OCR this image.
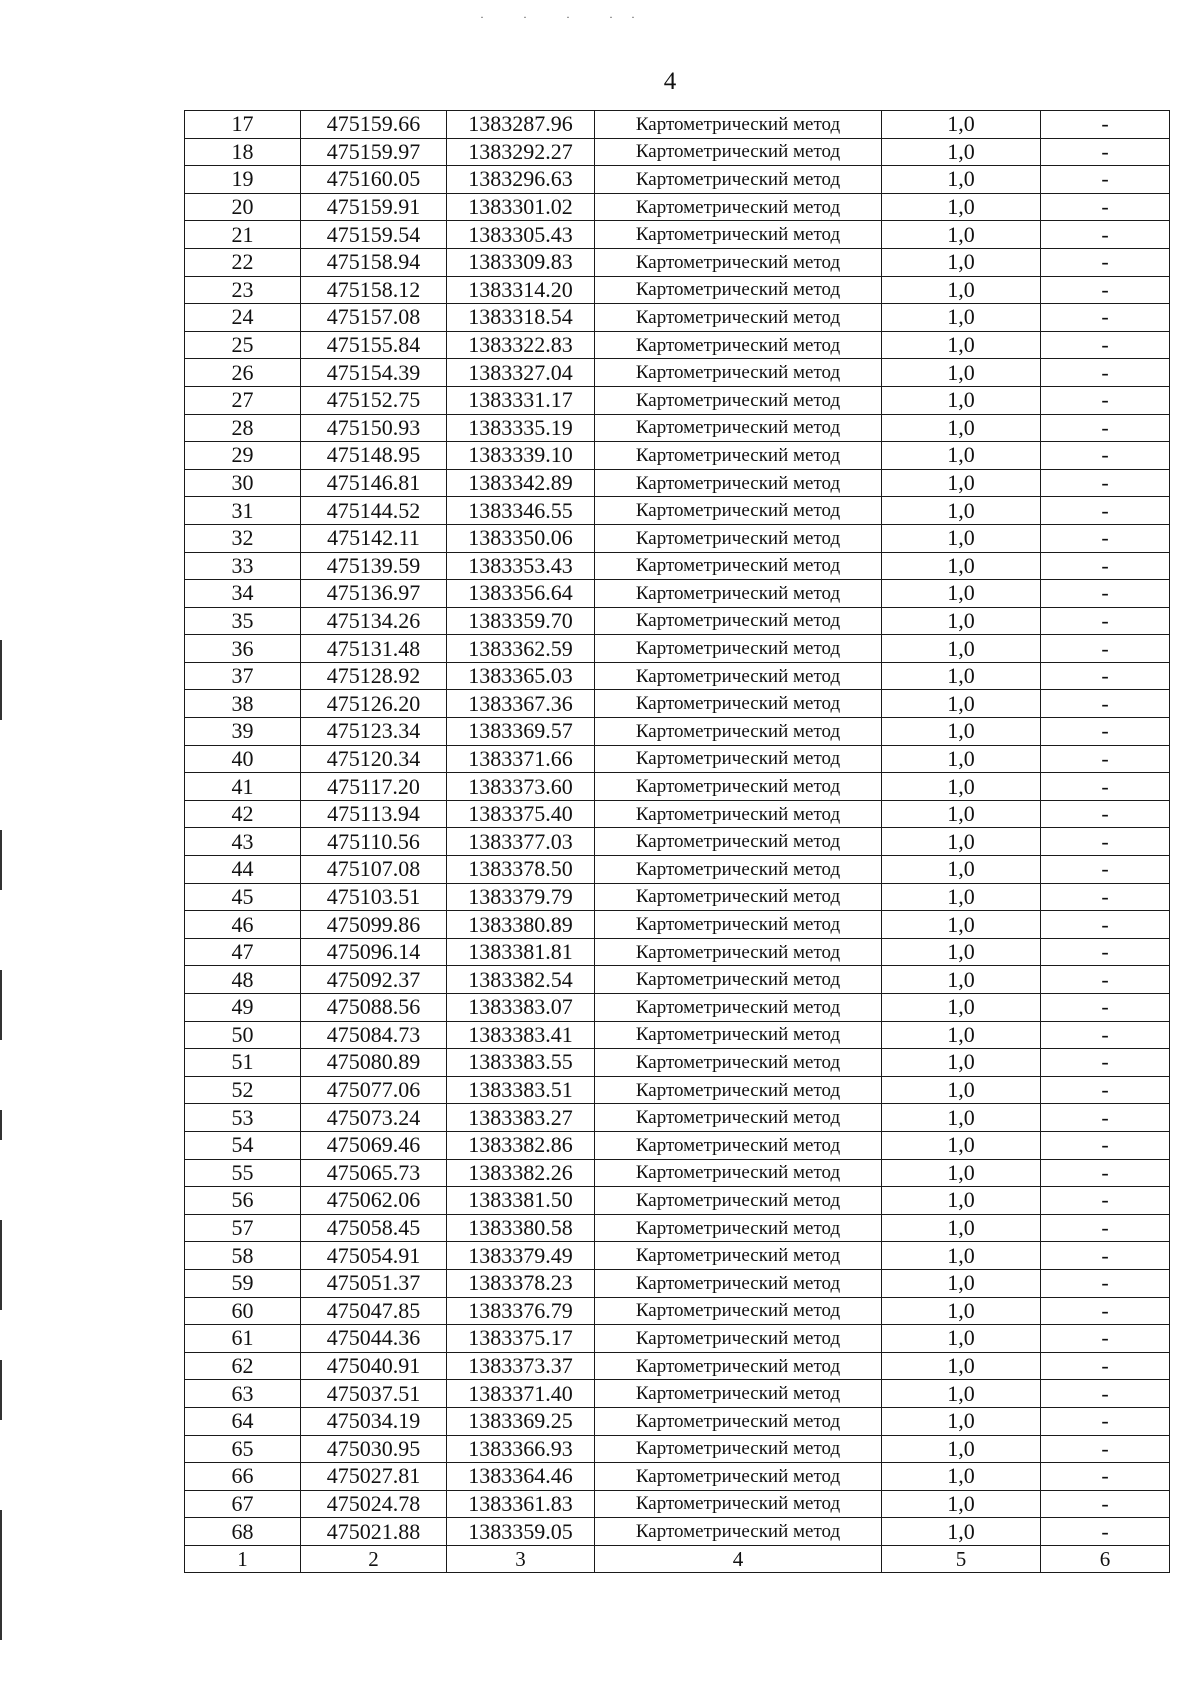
· · · ··
4
17	475159.66	1383287.96	Картометрический метод	1,0	-
18	475159.97	1383292.27	Картометрический метод	1,0	-
19	475160.05	1383296.63	Картометрический метод	1,0	-
20	475159.91	1383301.02	Картометрический метод	1,0	-
21	475159.54	1383305.43	Картометрический метод	1,0	-
22	475158.94	1383309.83	Картометрический метод	1,0	-
23	475158.12	1383314.20	Картометрический метод	1,0	-
24	475157.08	1383318.54	Картометрический метод	1,0	-
25	475155.84	1383322.83	Картометрический метод	1,0	-
26	475154.39	1383327.04	Картометрический метод	1,0	-
27	475152.75	1383331.17	Картометрический метод	1,0	-
28	475150.93	1383335.19	Картометрический метод	1,0	-
29	475148.95	1383339.10	Картометрический метод	1,0	-
30	475146.81	1383342.89	Картометрический метод	1,0	-
31	475144.52	1383346.55	Картометрический метод	1,0	-
32	475142.11	1383350.06	Картометрический метод	1,0	-
33	475139.59	1383353.43	Картометрический метод	1,0	-
34	475136.97	1383356.64	Картометрический метод	1,0	-
35	475134.26	1383359.70	Картометрический метод	1,0	-
36	475131.48	1383362.59	Картометрический метод	1,0	-
37	475128.92	1383365.03	Картометрический метод	1,0	-
38	475126.20	1383367.36	Картометрический метод	1,0	-
39	475123.34	1383369.57	Картометрический метод	1,0	-
40	475120.34	1383371.66	Картометрический метод	1,0	-
41	475117.20	1383373.60	Картометрический метод	1,0	-
42	475113.94	1383375.40	Картометрический метод	1,0	-
43	475110.56	1383377.03	Картометрический метод	1,0	-
44	475107.08	1383378.50	Картометрический метод	1,0	-
45	475103.51	1383379.79	Картометрический метод	1,0	-
46	475099.86	1383380.89	Картометрический метод	1,0	-
47	475096.14	1383381.81	Картометрический метод	1,0	-
48	475092.37	1383382.54	Картометрический метод	1,0	-
49	475088.56	1383383.07	Картометрический метод	1,0	-
50	475084.73	1383383.41	Картометрический метод	1,0	-
51	475080.89	1383383.55	Картометрический метод	1,0	-
52	475077.06	1383383.51	Картометрический метод	1,0	-
53	475073.24	1383383.27	Картометрический метод	1,0	-
54	475069.46	1383382.86	Картометрический метод	1,0	-
55	475065.73	1383382.26	Картометрический метод	1,0	-
56	475062.06	1383381.50	Картометрический метод	1,0	-
57	475058.45	1383380.58	Картометрический метод	1,0	-
58	475054.91	1383379.49	Картометрический метод	1,0	-
59	475051.37	1383378.23	Картометрический метод	1,0	-
60	475047.85	1383376.79	Картометрический метод	1,0	-
61	475044.36	1383375.17	Картометрический метод	1,0	-
62	475040.91	1383373.37	Картометрический метод	1,0	-
63	475037.51	1383371.40	Картометрический метод	1,0	-
64	475034.19	1383369.25	Картометрический метод	1,0	-
65	475030.95	1383366.93	Картометрический метод	1,0	-
66	475027.81	1383364.46	Картометрический метод	1,0	-
67	475024.78	1383361.83	Картометрический метод	1,0	-
68	475021.88	1383359.05	Картометрический метод	1,0	-
1	2	3	4	5	6
